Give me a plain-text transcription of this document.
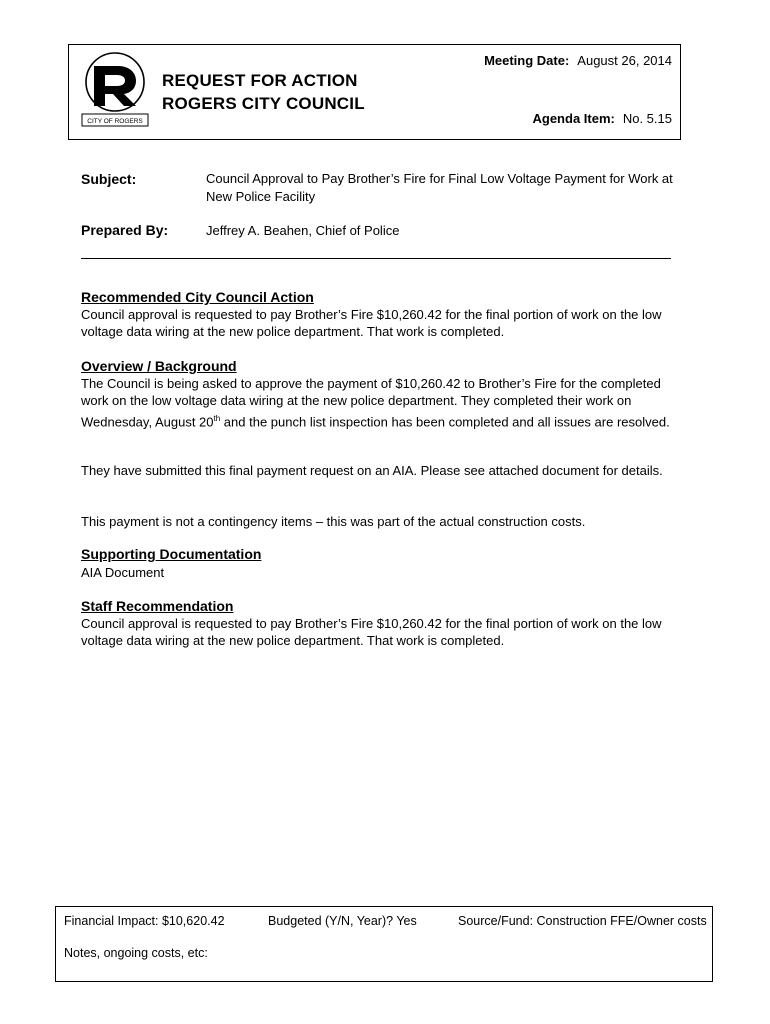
CITY OF ROGERS
REQUEST FOR ACTION
ROGERS CITY COUNCIL
Meeting Date: August 26, 2014
Agenda Item: No. 5.15
Subject:	Council Approval to Pay Brother’s Fire for Final Low Voltage Payment for Work at New Police Facility
Prepared By:	Jeffrey A. Beahen, Chief of Police
Recommended City Council Action
Council approval is requested to pay Brother’s Fire $10,260.42 for the final portion of work on the low voltage data wiring at the new police department. That work is completed.
Overview / Background
The Council is being asked to approve the payment of $10,260.42 to Brother’s Fire for the completed work on the low voltage data wiring at the new police department. They completed their work on Wednesday, August 20th and the punch list inspection has been completed and all issues are resolved.
They have submitted this final payment request on an AIA. Please see attached document for details.
This payment is not a contingency items – this was part of the actual construction costs.
Supporting Documentation
AIA Document
Staff Recommendation
Council approval is requested to pay Brother’s Fire $10,260.42 for the final portion of work on the low voltage data wiring at the new police department. That work is completed.
Financial Impact: $10,620.42	Budgeted (Y/N, Year)? Yes	Source/Fund: Construction FFE/Owner costs
Notes, ongoing costs, etc:
